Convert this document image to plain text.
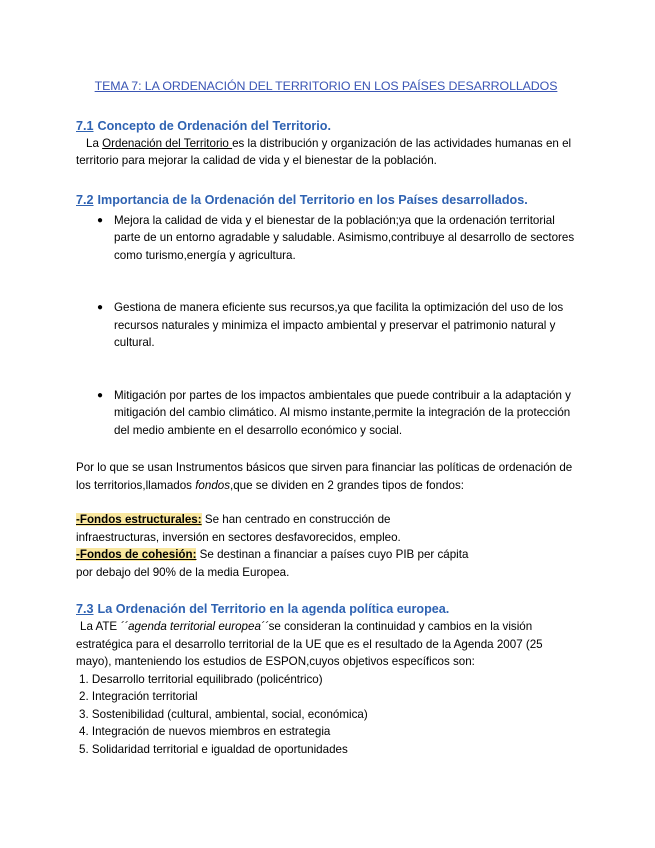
TEMA 7: LA ORDENACIÓN DEL TERRITORIO EN LOS PAÍSES DESARROLLADOS
7.1 Concepto de Ordenación del Territorio.

La Ordenación del Territorio es la distribución y organización de las actividades humanas en el territorio para mejorar la calidad de vida y el bienestar de la población.

7.2 Importancia de la Ordenación del Territorio en los Países desarrollados.
● Mejora la calidad de vida y el bienestar de la población;ya que la ordenación territorial parte de un entorno agradable y saludable. Asimismo,contribuye al desarrollo de sectores como turismo,energía y agricultura.
● Gestiona de manera eficiente sus recursos,ya que facilita la optimización del uso de los recursos naturales y minimiza el impacto ambiental y preservar el patrimonio natural y cultural.
● Mitigación por partes de los impactos ambientales que puede contribuir a la adaptación y mitigación del cambio climático. Al mismo instante,permite la integración de la protección del medio ambiente en el desarrollo económico y social.

Por lo que se usan Instrumentos básicos que sirven para financiar las políticas de ordenación de los territorios,llamados fondos,que se dividen en 2 grandes tipos de fondos:

-Fondos estructurales: Se han centrado en construcción de infraestructuras, inversión en sectores desfavorecidos, empleo.

-Fondos de cohesión: Se destinan a financiar a países cuyo PIB per cápita por debajo del 90% de la media Europea.

7.3 La Ordenación del Territorio en la agenda política europea.

La ATE ´´agenda territorial europea´´se consideran la continuidad y cambios en la visión estratégica para el desarrollo territorial de la UE que es el resultado de la Agenda 2007 (25 mayo), manteniendo los estudios de ESPON,cuyos objetivos específicos son:

1. Desarrollo territorial equilibrado (policéntrico)
2. Integración territorial
3. Sostenibilidad (cultural, ambiental, social, económica)
4. Integración de nuevos miembros en estrategia
5. Solidaridad territorial e igualdad de oportunidades
